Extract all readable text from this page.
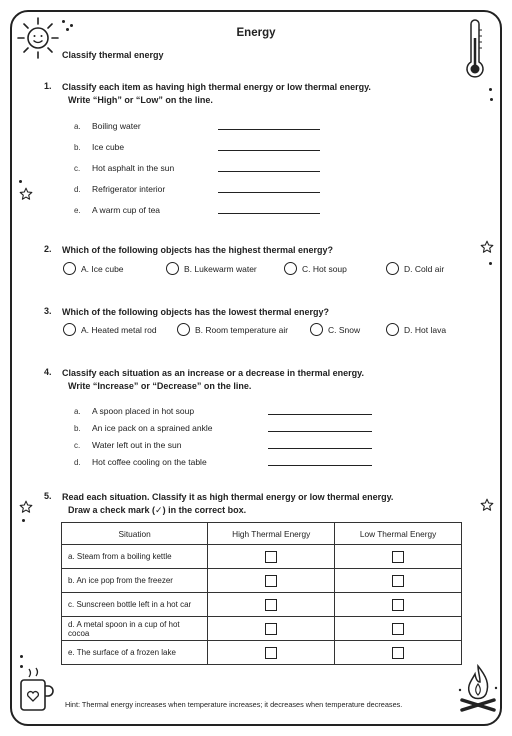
Energy
Classify thermal energy
1. Classify each item as having high thermal energy or low thermal energy.
Write “High” or “Low” on the line.
a. Boiling water
b. Ice cube
c. Hot asphalt in the sun
d. Refrigerator interior
e. A warm cup of tea
2. Which of the following objects has the highest thermal energy?
A. Ice cube	B. Lukewarm water	C. Hot soup	D. Cold air
3. Which of the following objects has the lowest thermal energy?
A. Heated metal rod	B. Room temperature air	C. Snow	D. Hot lava
4. Classify each situation as an increase or a decrease in thermal energy.
Write “Increase” or “Decrease” on the line.
a. A spoon placed in hot soup
b. An ice pack on a sprained ankle
c. Water left out in the sun
d. Hot coffee cooling on the table
5. Read each situation. Classify it as high thermal energy or low thermal energy.
Draw a check mark (✓) in the correct box.
Situation	High Thermal Energy	Low Thermal Energy
a. Steam from a boiling kettle		
b. An ice pop from the freezer		
c. Sunscreen bottle left in a hot car		
d. A metal spoon in a cup of hot cocoa		
e. The surface of a frozen lake		
Hint: Thermal energy increases when temperature increases; it decreases when temperature decreases.
